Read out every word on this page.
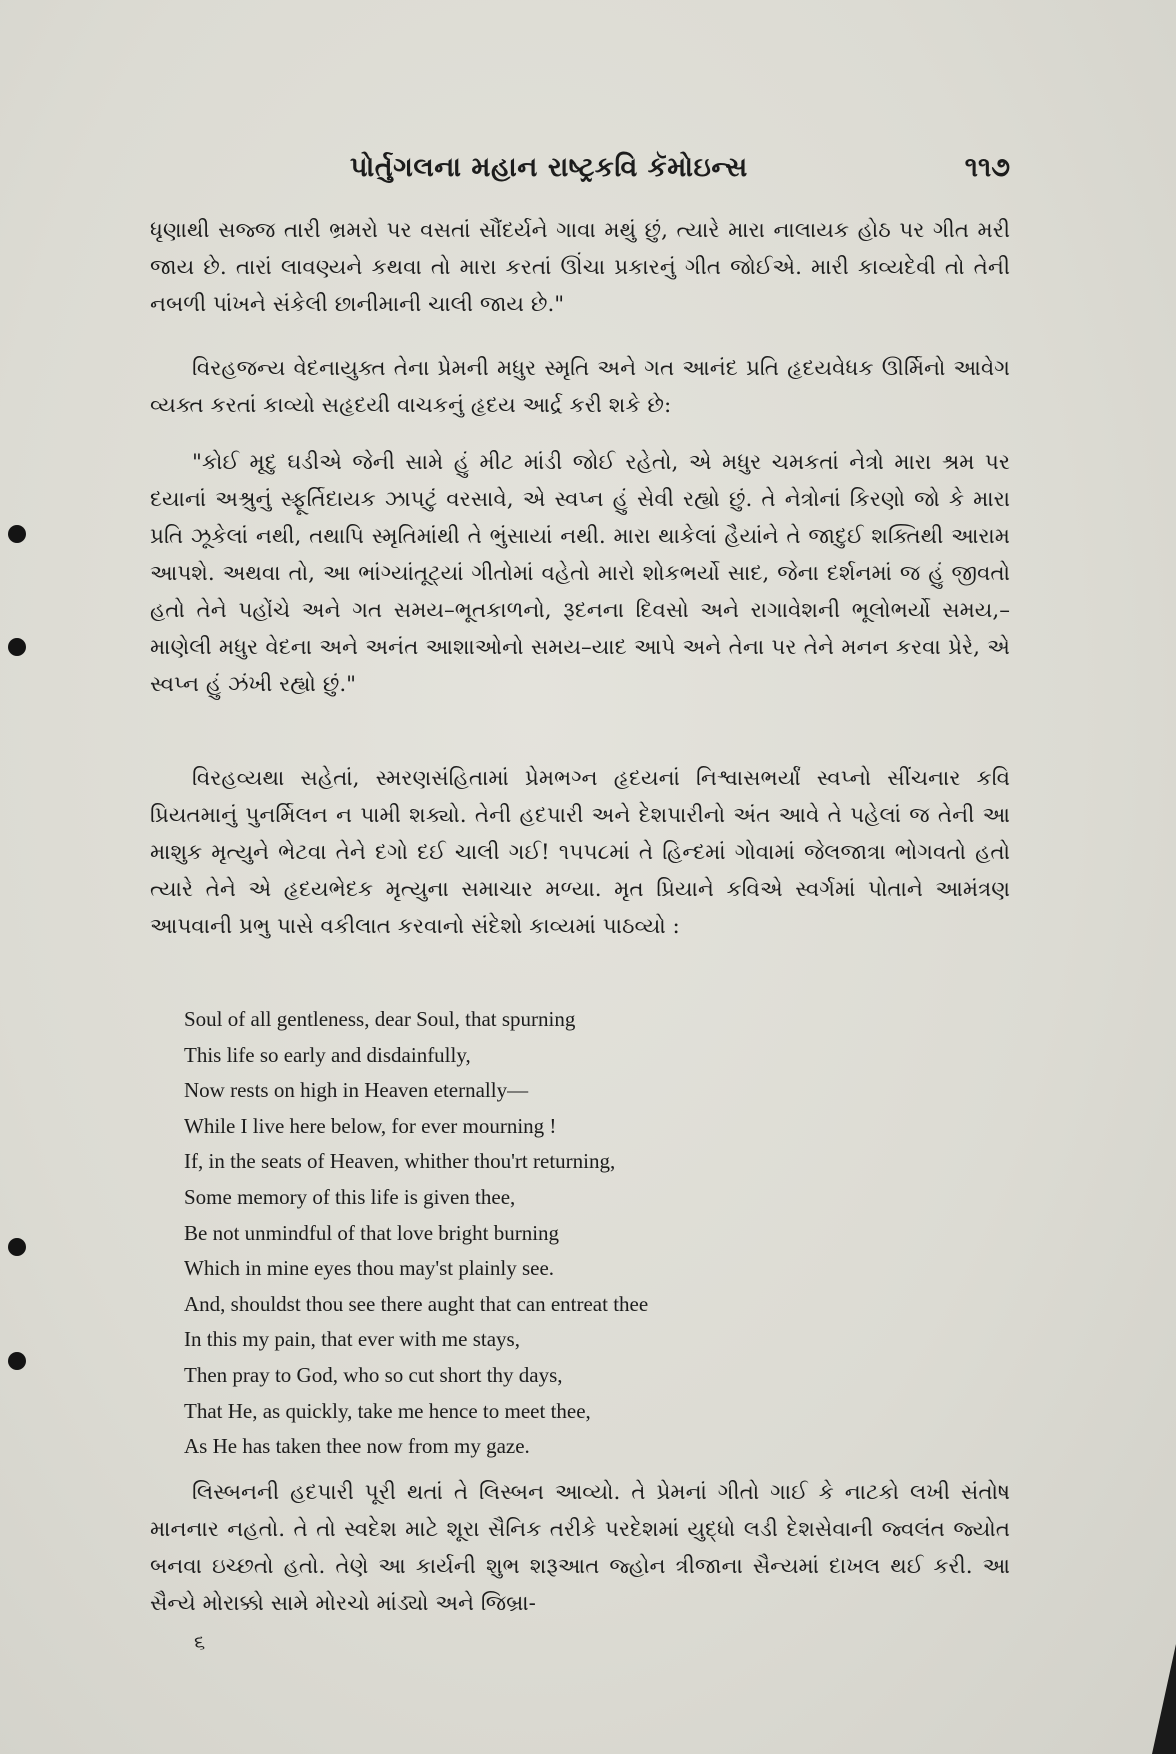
પોર્તુગલના મહાન રાષ્ટ્રકવિ કૅમોઇન્સ	૧૧૭

ધૃણાથી સજ્જ તારી ભ્રમરો પર વસતાં સૌંદર્યને ગાવા મથું છું, ત્યારે મારા નાલાયક હોઠ પર ગીત મરી જાય છે. તારાં લાવણ્યને કથવા તો મારા કરતાં ઊંચા પ્રકારનું ગીત જોઈએ. મારી કાવ્યદેવી તો તેની નબળી પાંખને સંકેલી છાનીમાની ચાલી જાય છે."

વિરહજન્ય વેદનાયુક્ત તેના પ્રેમની મધુર સ્મૃતિ અને ગત આનંદ પ્રતિ હૃદયવેધક ઊર્મિનો આવેગ વ્યક્ત કરતાં કાવ્યો સહૃદયી વાચકનું હૃદય આર્દ્ર કરી શકે છે:

"કોઈ મૃદુ ઘડીએ જેની સામે હું મીટ માંડી જોઈ રહેતો, એ મધુર ચમકતાં નેત્રો મારા શ્રમ પર દયાનાં અશ્રુનું સ્ફૂર્તિદાયક ઝાપટું વરસાવે, એ સ્વપ્ન હું સેવી રહ્યો છું. તે નેત્રોનાં કિરણો જો કે મારા પ્રતિ ઝૂકેલાં નથી, તથાપિ સ્મૃતિમાંથી તે ભુંસાયાં નથી. મારા થાકેલાં હૈયાંને તે જાદુઈ શક્તિથી આરામ આપશે. અથવા તો, આ ભાંગ્યાંતૂટ્યાં ગીતોમાં વહેતો મારો શોકભર્યો સાદ, જેના દર્શનમાં જ હું જીવતો હતો તેને પહોંચે અને ગત સમય–ભૂતકાળનો, રૂદનના દિવસો અને રાગાવેશની ભૂલોભર્યો સમય,–માણેલી મધુર વેદના અને અનંત આશાઓનો સમય–યાદ આપે અને તેના પર તેને મનન કરવા પ્રેરે, એ સ્વપ્ન હું ઝંખી રહ્યો છું."

વિરહવ્યથા સહેતાં, સ્મરણસંહિતામાં પ્રેમભગ્ન હૃદયનાં નિશ્વાસભર્યાં સ્વપ્નો સીંચનાર કવિ પ્રિયતમાનું પુનર્મિલન ન પામી શક્યો. તેની હદપારી અને દેશપારીનો અંત આવે તે પહેલાં જ તેની આ માશુક મૃત્યુને ભેટવા તેને દગો દઈ ચાલી ગઈ! ૧૫૫૮માં તે હિન્દમાં ગોવામાં જેલજાત્રા ભોગવતો હતો ત્યારે તેને એ હૃદયભેદક મૃત્યુના સમાચાર મળ્યા. મૃત પ્રિયાને કવિએ સ્વર્ગમાં પોતાને આમંત્રણ આપવાની પ્રભુ પાસે વકીલાત કરવાનો સંદેશો કાવ્યમાં પાઠવ્યો :

Soul of all gentleness, dear Soul, that spurning
This life so early and disdainfully,
Now rests on high in Heaven eternally—
While I live here below, for ever mourning !
If, in the seats of Heaven, whither thou'rt returning,
Some memory of this life is given thee,
Be not unmindful of that love bright burning
Which in mine eyes thou may'st plainly see.
And, shouldst thou see there aught that can entreat thee
In this my pain, that ever with me stays,
Then pray to God, who so cut short thy days,
That He, as quickly, take me hence to meet thee,
As He has taken thee now from my gaze.

લિસ્બનની હદપારી પૂરી થતાં તે લિસ્બન આવ્યો. તે પ્રેમનાં ગીતો ગાઈ કે નાટકો લખી સંતોષ માનનાર નહતો. તે તો સ્વદેશ માટે શૂરા સૈનિક તરીકે પરદેશમાં યુદ્ધો લડી દેશસેવાની જ્વલંત જ્યોત બનવા ઇચ્છતો હતો. તેણે આ કાર્યની શુભ શરૂઆત જ્હોન ત્રીજાના સૈન્યમાં દાખલ થઈ કરી. આ સૈન્યે મોરાક્કો સામે મોરચો માંડ્યો અને જિબ્રા-

૬
